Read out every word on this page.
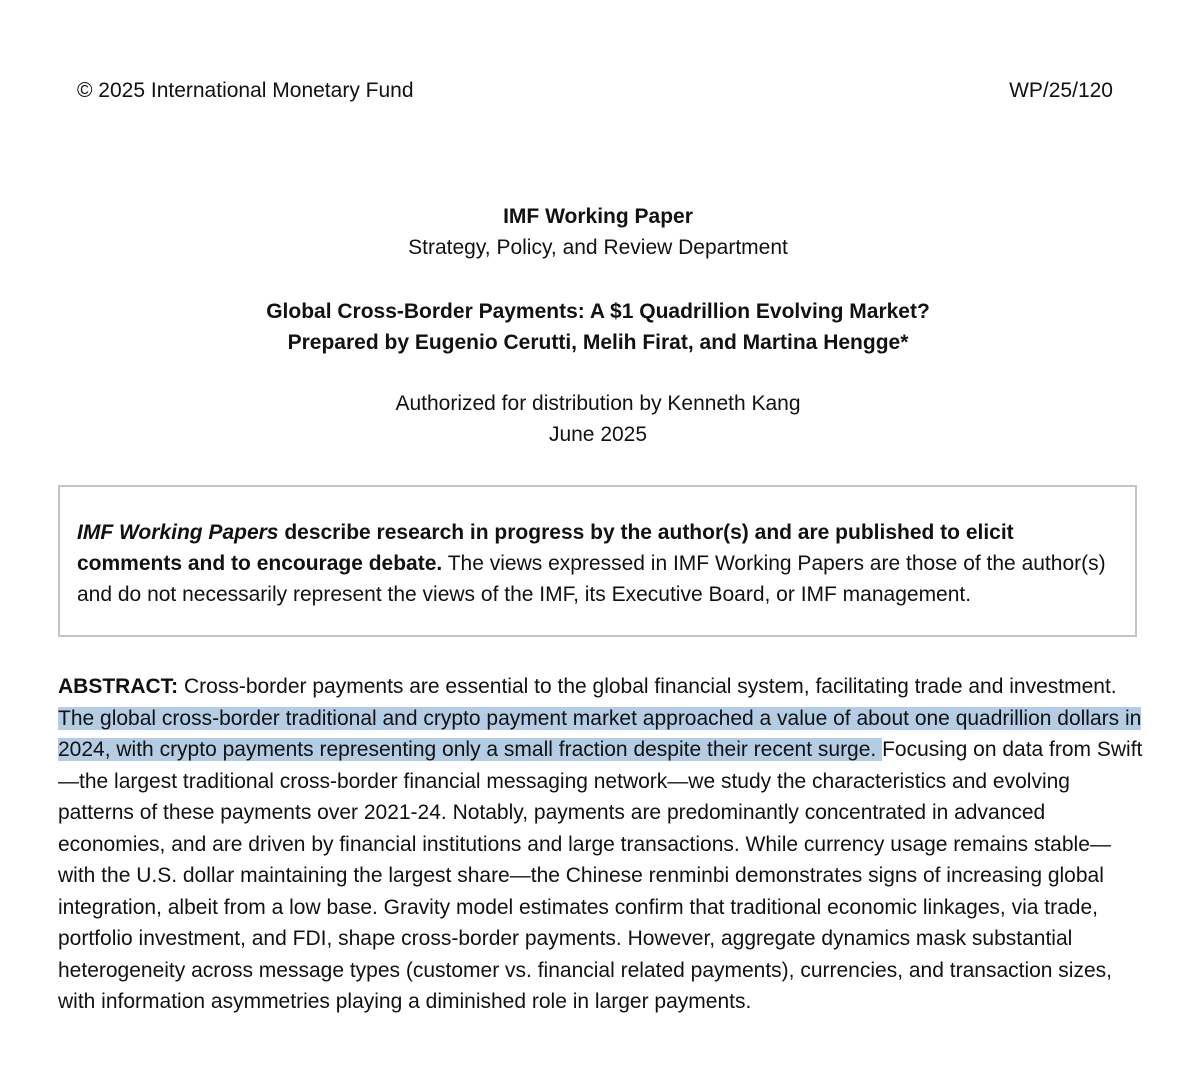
© 2025 International Monetary Fund	WP/25/120
IMF Working Paper
Strategy, Policy, and Review Department
Global Cross-Border Payments: A $1 Quadrillion Evolving Market?
Prepared by Eugenio Cerutti, Melih Firat, and Martina Hengge*
Authorized for distribution by Kenneth Kang
June 2025
IMF Working Papers describe research in progress by the author(s) and are published to elicit comments and to encourage debate. The views expressed in IMF Working Papers are those of the author(s) and do not necessarily represent the views of the IMF, its Executive Board, or IMF management.
ABSTRACT: Cross-border payments are essential to the global financial system, facilitating trade and investment. The global cross-border traditional and crypto payment market approached a value of about one quadrillion dollars in 2024, with crypto payments representing only a small fraction despite their recent surge. Focusing on data from Swift—the largest traditional cross-border financial messaging network—we study the characteristics and evolving patterns of these payments over 2021-24. Notably, payments are predominantly concentrated in advanced economies, and are driven by financial institutions and large transactions. While currency usage remains stable—with the U.S. dollar maintaining the largest share—the Chinese renminbi demonstrates signs of increasing global integration, albeit from a low base. Gravity model estimates confirm that traditional economic linkages, via trade, portfolio investment, and FDI, shape cross-border payments. However, aggregate dynamics mask substantial heterogeneity across message types (customer vs. financial related payments), currencies, and transaction sizes, with information asymmetries playing a diminished role in larger payments.
